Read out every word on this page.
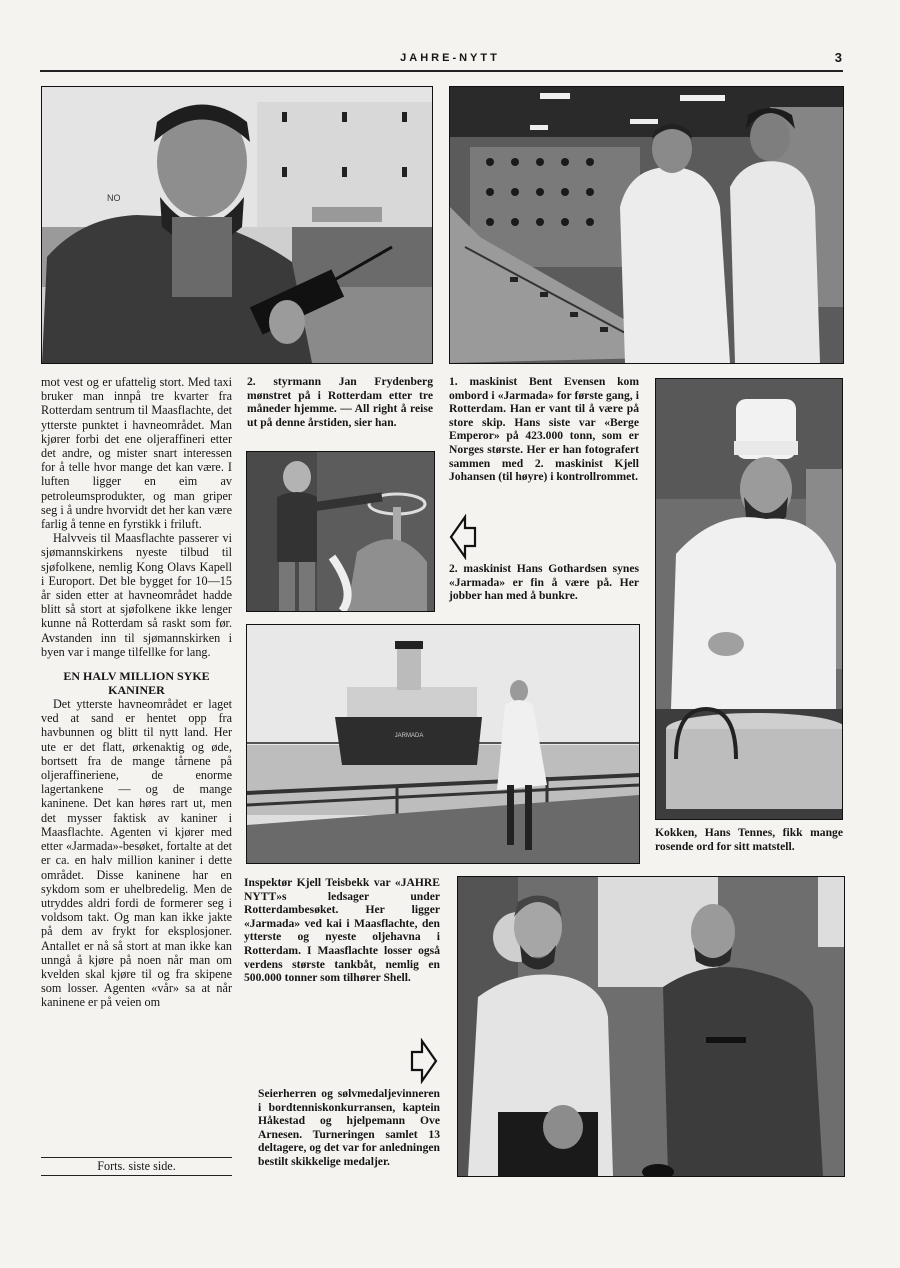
JAHRE-NYTT	3
NO

mot vest og er ufattelig stort. Med taxi bruker man innpå tre kvarter fra Rotterdam sentrum til Maasflachte, det ytterste punktet i havneområdet. Man kjører forbi det ene oljeraffineri etter det andre, og mister snart interessen for å telle hvor mange det kan være. I luften ligger en eim av petroleumsprodukter, og man griper seg i å undre hvorvidt det her kan være farlig å tenne en fyrstikk i friluft.

Halvveis til Maasflachte passerer vi sjømannskirkens nyeste tilbud til sjøfolkene, nemlig Kong Olavs Kapell i Europort. Det ble bygget for 10—15 år siden etter at havneområdet hadde blitt så stort at sjøfolkene ikke lenger kunne nå Rotterdam så raskt som før. Avstanden inn til sjømannskirken i byen var i mange tilfellke for lang.

EN HALV MILLION SYKE KANINER

Det ytterste havneområdet er laget ved at sand er hentet opp fra havbunnen og blitt til nytt land. Her ute er det flatt, ørkenaktig og øde, bortsett fra de mange tårnene på oljeraffineriene, de enorme lagertankene — og de mange kaninene. Det kan høres rart ut, men det mysser faktisk av kaniner i Maasflachte. Agenten vi kjører med etter «Jarmada»-besøket, fortalte at det er ca. en halv million kaniner i dette området. Disse kaninene har en sykdom som er uhelbredelig. Men de utryddes aldri fordi de formerer seg i voldsom takt. Og man kan ikke jakte på dem av frykt for eksplosjoner. Antallet er nå så stort at man ikke kan unngå å kjøre på noen når man om kvelden skal kjøre til og fra skipene som losser. Agenten «vår» sa at når kaninene er på veien om

Forts. siste side.
2. styrmann Jan Frydenberg mønstret på i Rotterdam etter tre måneder hjemme. — All right å reise ut på denne årstiden, sier han.
1. maskinist Bent Evensen kom ombord i «Jarmada» for første gang, i Rotterdam. Han er vant til å være på store skip. Hans siste var «Berge Emperor» på 423.000 tonn, som er Norges største. Her er han fotografert sammen med 2. maskinist Kjell Johansen (til høyre) i kontrollrommet.
2. maskinist Hans Gothardsen synes «Jarmada» er fin å være på. Her jobber han med å bunkre.
Kokken, Hans Tennes, fikk mange rosende ord for sitt matstell.
JARMADA
Inspektør Kjell Teisbekk var «JAHRE NYTT»s ledsager under Rotterdambesøket. Her ligger «Jarmada» ved kai i Maasflachte, den ytterste og nyeste oljehavna i Rotterdam. I Maasflachte losser også verdens største tankbåt, nemlig en 500.000 tonner som tilhører Shell.
Seierherren og sølvmedaljevinneren i bordtenniskonkurransen, kaptein Håkestad og hjelpemann Ove Arnesen. Turneringen samlet 13 deltagere, og det var for anledningen bestilt skikkelige medaljer.
